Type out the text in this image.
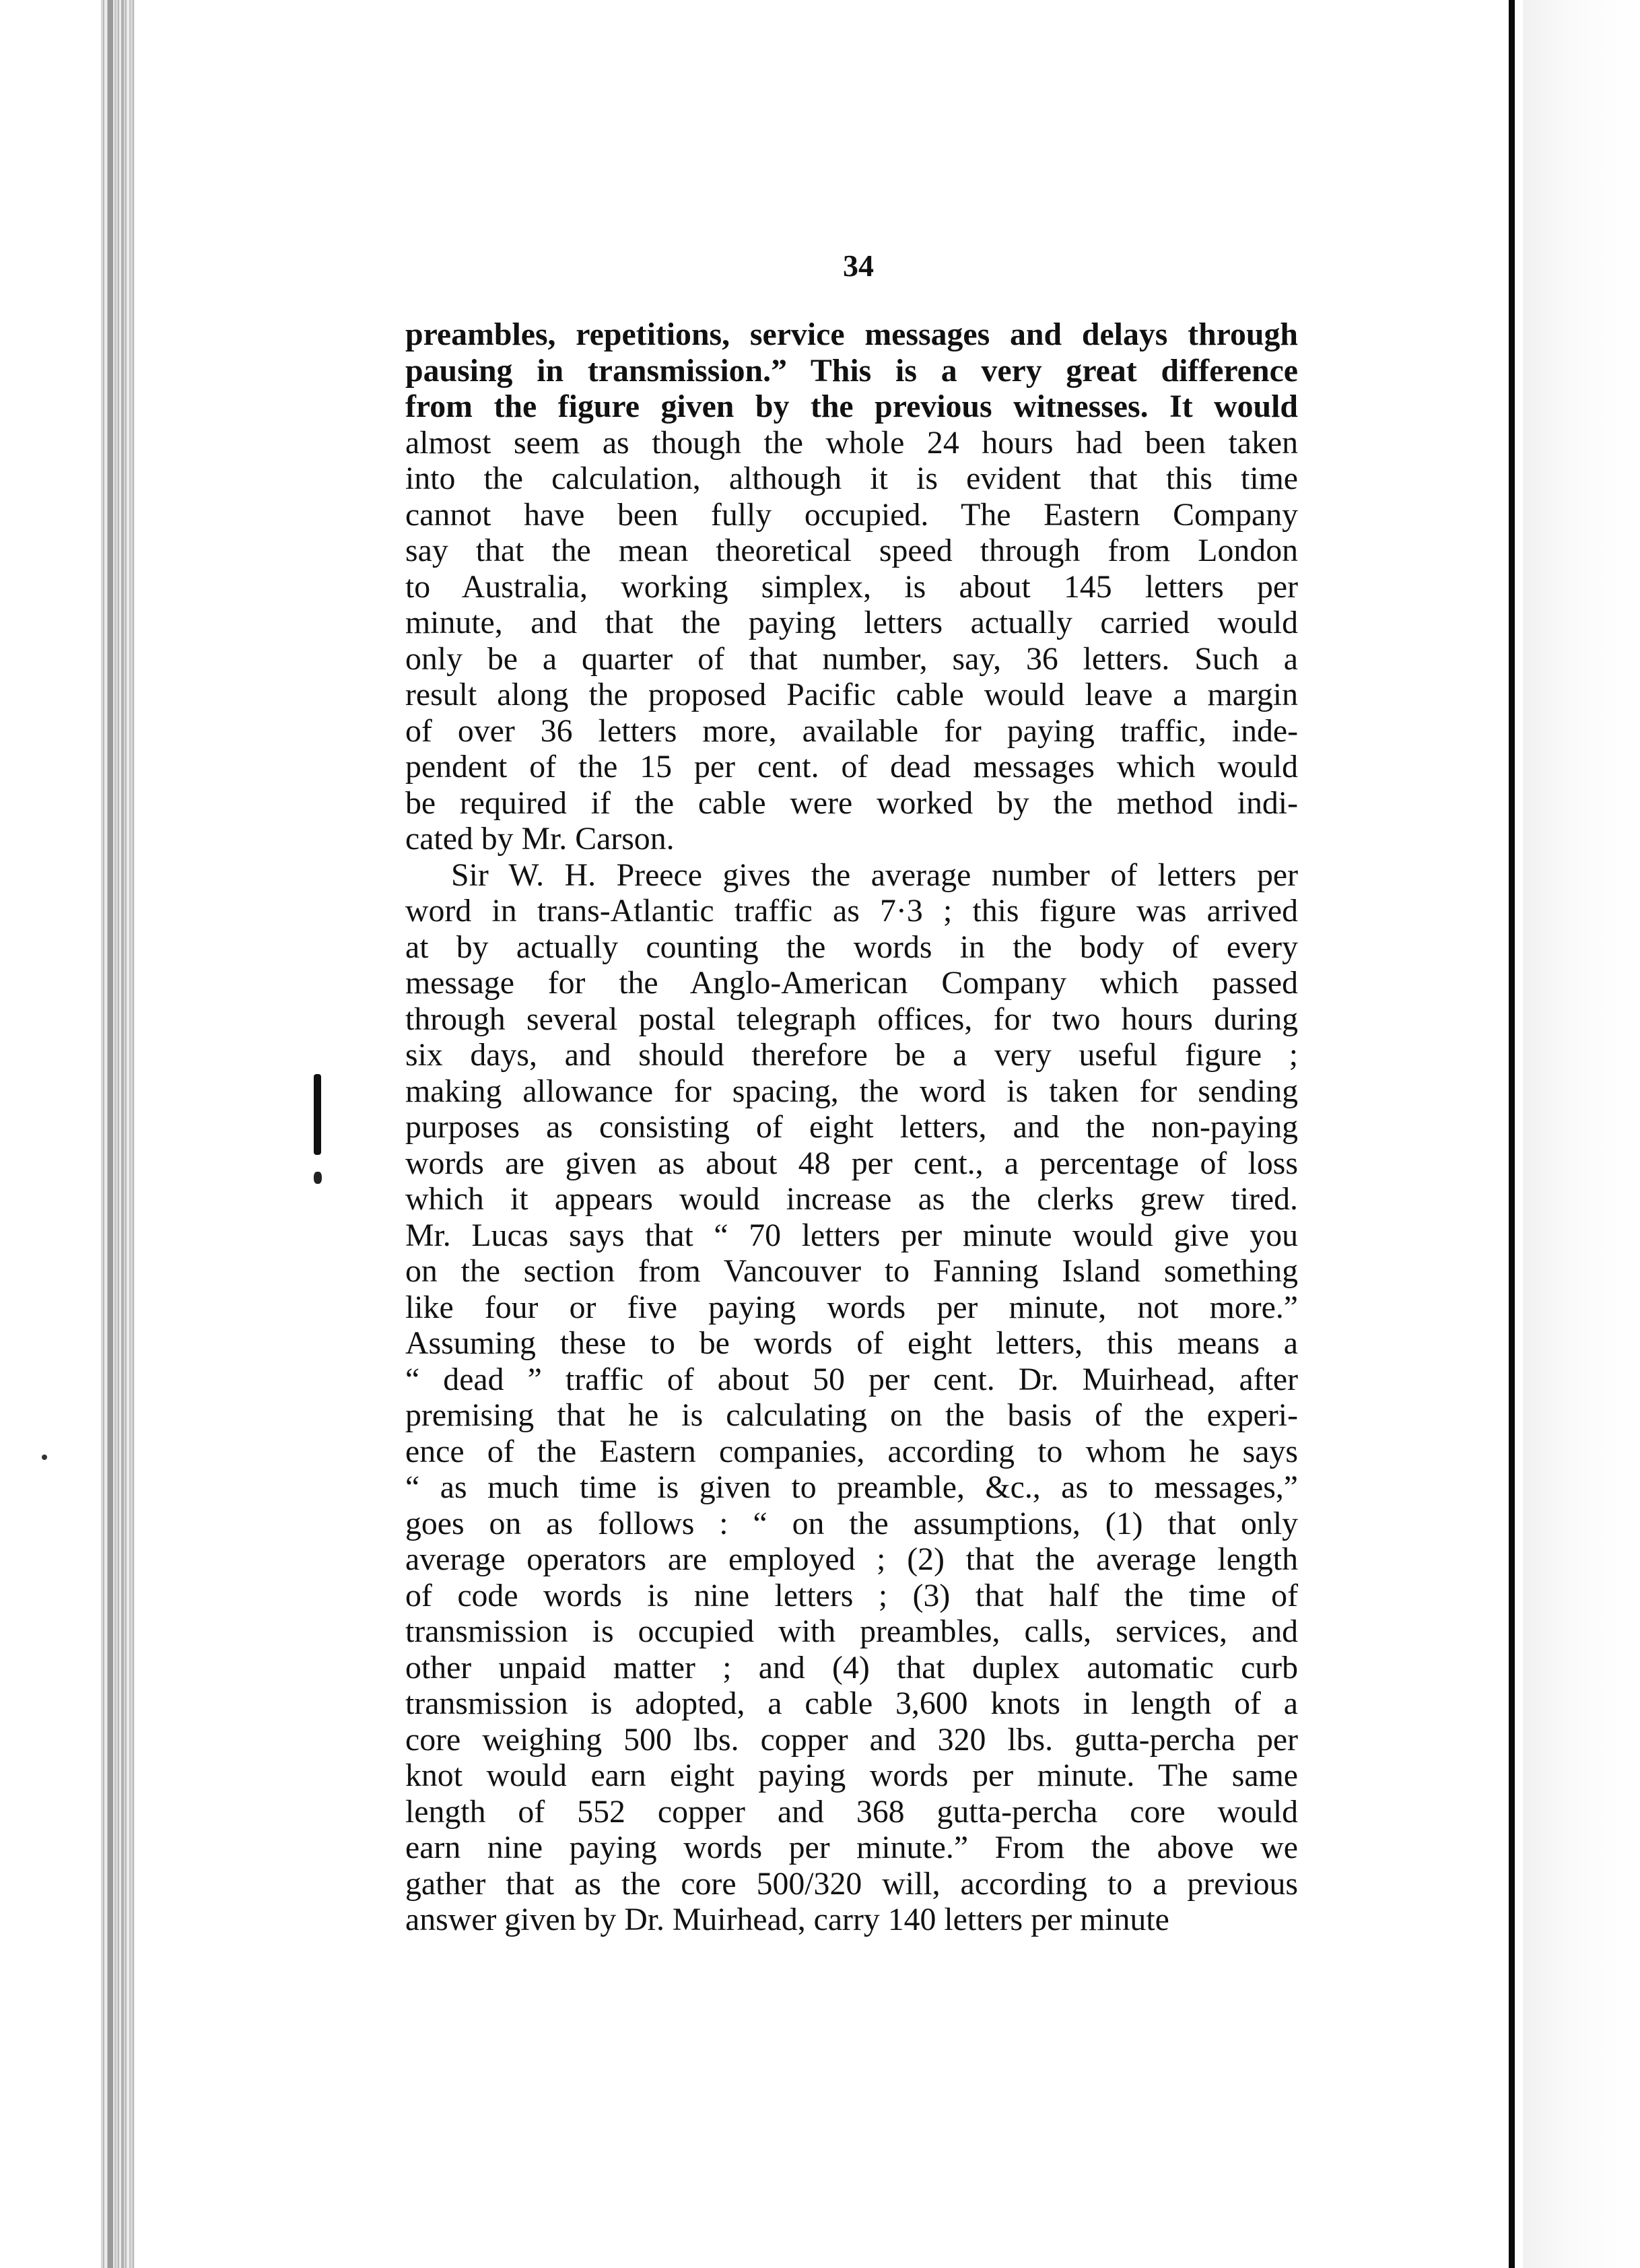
34
preambles, repetitions, service messages and delays through
pausing in transmission.” This is a very great difference
from the figure given by the previous witnesses. It would
almost seem as though the whole 24 hours had been taken
into the calculation, although it is evident that this time
cannot have been fully occupied. The Eastern Company
say that the mean theoretical speed through from London
to Australia, working simplex, is about 145 letters per
minute, and that the paying letters actually carried would
only be a quarter of that number, say, 36 letters. Such a
result along the proposed Pacific cable would leave a margin
of over 36 letters more, available for paying traffic, inde-
pendent of the 15 per cent. of dead messages which would
be required if the cable were worked by the method indi-
cated by Mr. Carson.
Sir W. H. Preece gives the average number of letters per
word in trans-Atlantic traffic as 7·3 ; this figure was arrived
at by actually counting the words in the body of every
message for the Anglo-American Company which passed
through several postal telegraph offices, for two hours during
six days, and should therefore be a very useful figure ;
making allowance for spacing, the word is taken for sending
purposes as consisting of eight letters, and the non-paying
words are given as about 48 per cent., a percentage of loss
which it appears would increase as the clerks grew tired.
Mr. Lucas says that “ 70 letters per minute would give you
on the section from Vancouver to Fanning Island something
like four or five paying words per minute, not more.”
Assuming these to be words of eight letters, this means a
“ dead ” traffic of about 50 per cent. Dr. Muirhead, after
premising that he is calculating on the basis of the experi-
ence of the Eastern companies, according to whom he says
“ as much time is given to preamble, &c., as to messages,”
goes on as follows : “ on the assumptions, (1) that only
average operators are employed ; (2) that the average length
of code words is nine letters ; (3) that half the time of
transmission is occupied with preambles, calls, services, and
other unpaid matter ; and (4) that duplex automatic curb
transmission is adopted, a cable 3,600 knots in length of a
core weighing 500 lbs. copper and 320 lbs. gutta-percha per
knot would earn eight paying words per minute. The same
length of 552 copper and 368 gutta-percha core would
earn nine paying words per minute.” From the above we
gather that as the core 500/320 will, according to a previous
answer given by Dr. Muirhead, carry 140 letters per minute
